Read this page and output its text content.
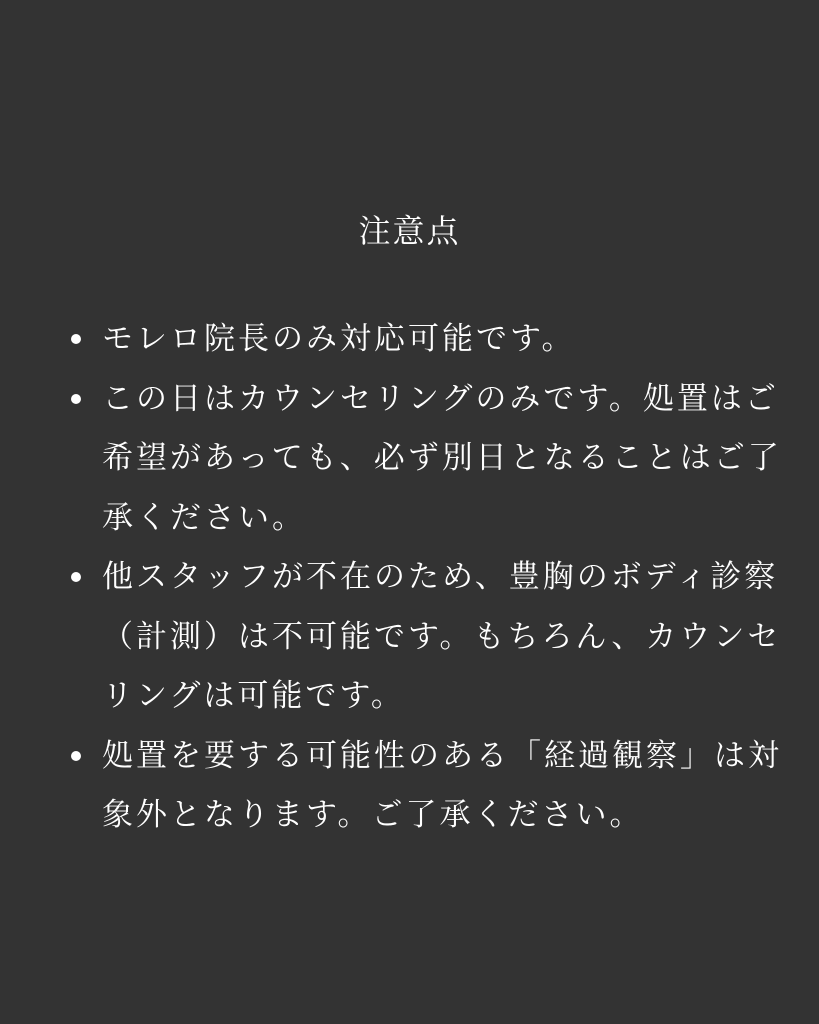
注意点
モレロ院長のみ対応可能です。
この日はカウンセリングのみです。処置はご希望があっても、必ず別日となることはご了承ください。
他スタッフが不在のため、豊胸のボディ診察（計測）は不可能です。もちろん、カウンセリングは可能です。
処置を要する可能性のある「経過観察」は対象外となります。ご了承ください。
